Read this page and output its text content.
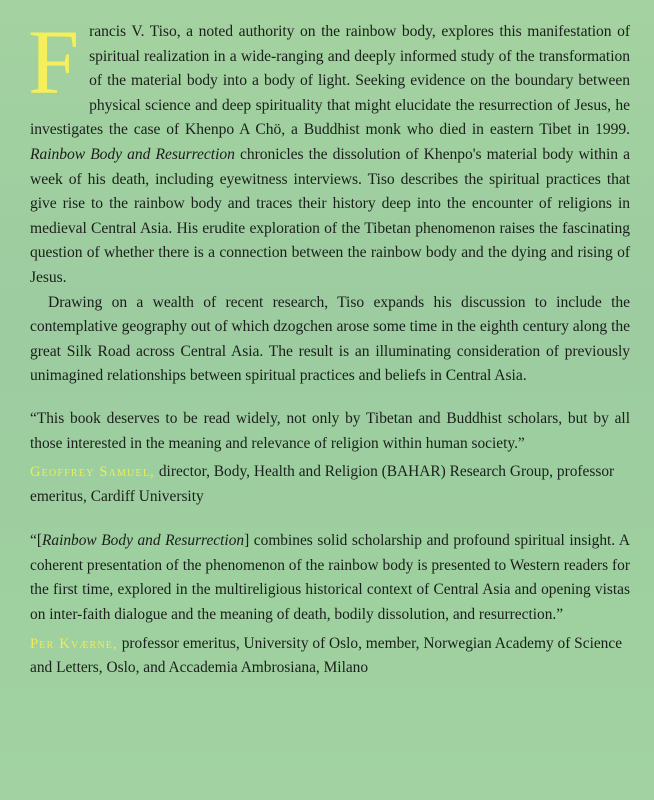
Francis V. Tiso, a noted authority on the rainbow body, explores this manifestation of spiritual realization in a wide-ranging and deeply informed study of the transformation of the material body into a body of light. Seeking evidence on the boundary between physical science and deep spirituality that might elucidate the resurrection of Jesus, he investigates the case of Khenpo A Chö, a Buddhist monk who died in eastern Tibet in 1999. Rainbow Body and Resurrection chronicles the dissolution of Khenpo's material body within a week of his death, including eyewitness interviews. Tiso describes the spiritual practices that give rise to the rainbow body and traces their history deep into the encounter of religions in medieval Central Asia. His erudite exploration of the Tibetan phenomenon raises the fascinating question of whether there is a connection between the rainbow body and the dying and rising of Jesus.

Drawing on a wealth of recent research, Tiso expands his discussion to include the contemplative geography out of which dzogchen arose some time in the eighth century along the great Silk Road across Central Asia. The result is an illuminating consideration of previously unimagined relationships between spiritual practices and beliefs in Central Asia.

“This book deserves to be read widely, not only by Tibetan and Buddhist scholars, but by all those interested in the meaning and relevance of religion within human society.”

Geoffrey Samuel, director, Body, Health and Religion (BAHAR) Research Group, professor emeritus, Cardiff University

“[Rainbow Body and Resurrection] combines solid scholarship and profound spiritual insight. A coherent presentation of the phenomenon of the rainbow body is presented to Western readers for the first time, explored in the multireligious historical context of Central Asia and opening vistas on inter-faith dialogue and the meaning of death, bodily dissolution, and resurrection.”

Per Kværne, professor emeritus, University of Oslo, member, Norwegian Academy of Science and Letters, Oslo, and Accademia Ambrosiana, Milano
